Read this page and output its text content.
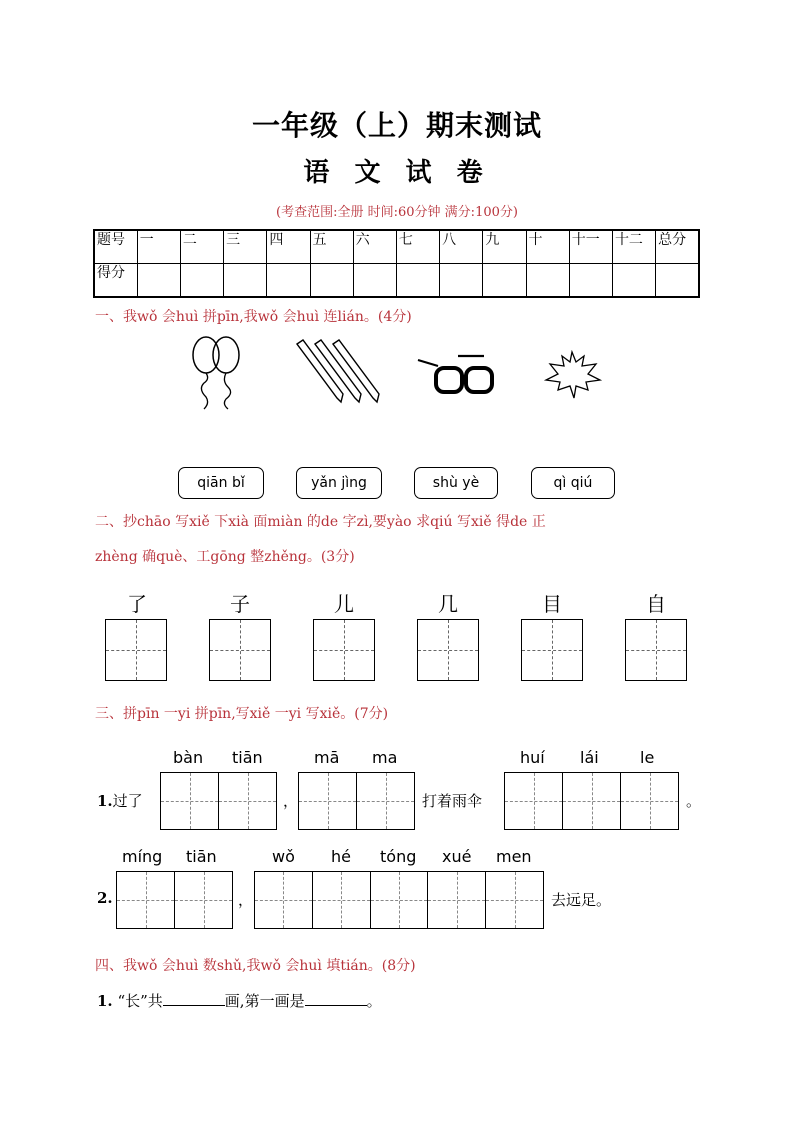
一年级（上）期末测试
语 文 试 卷
(考查范围:全册 时间:60分钟 满分:100分)
题号	一	二	三	四	五	六	七	八	九	十	十一	十二	总分
得分													
一、我wǒ 会huì 拼pīn,我wǒ 会huì 连lián。(4分)
qiān bǐ	yǎn jìng	shù yè	qì qiú
二、抄chāo 写xiě 下xià 面miàn 的de 字zì,要yào 求qiú 写xiě 得de 正
zhèng 确què、工gōng 整zhěng。(3分)
了	子	儿	几	目	自
三、拼pīn 一yi 拼pīn,写xiě 一yi 写xiě。(7分)
bàn tiān	mā ma	huí lái	le
1.过了	，	打着雨伞	。
míng tiān	wǒ hé tóng xué men
2.	，	去远足。
四、我wǒ 会huì 数shǔ,我wǒ 会huì 填tián。(8分)
1. “长”共	画,第一画是	。
